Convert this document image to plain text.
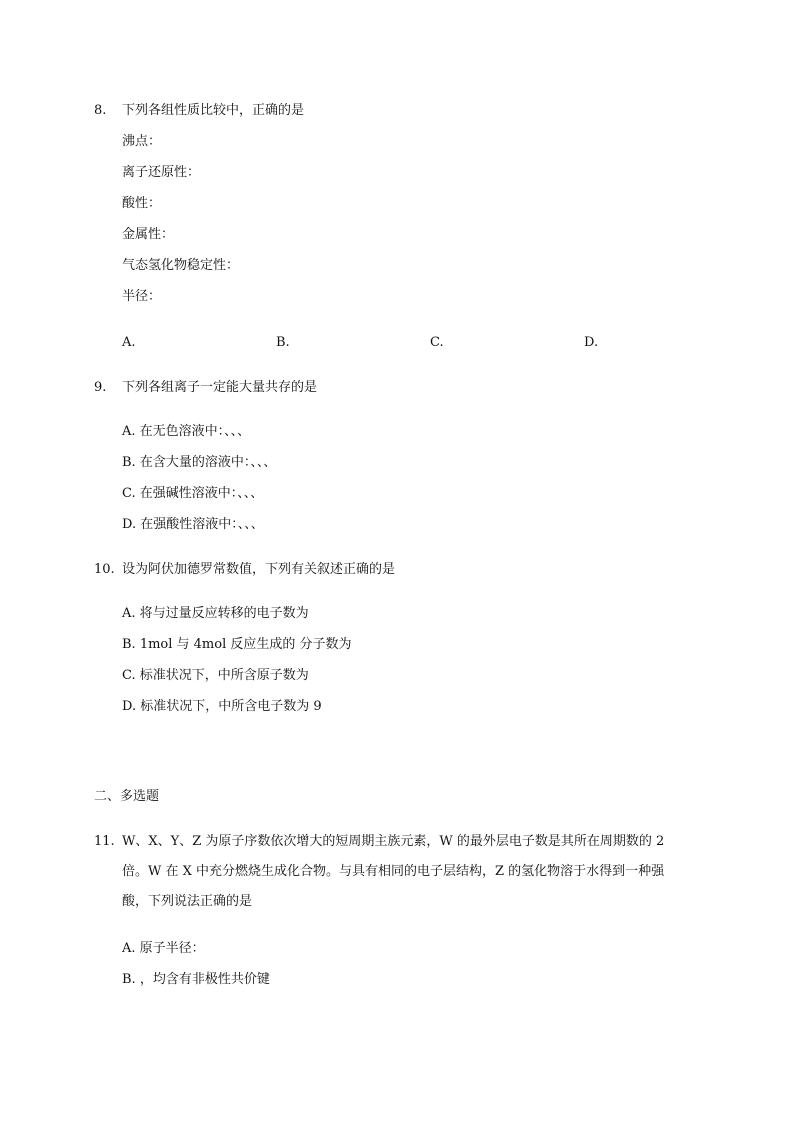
8. 下列各组性质比较中，正确的是
沸点：
离子还原性：
酸性：
金属性：
气态氢化物稳定性：
半径：
A.	B.	C.	D.
9. 下列各组离子一定能大量共存的是
A. 在无色溶液中：、、、
B. 在含大量的溶液中：、、、
C. 在强碱性溶液中：、、、
D. 在强酸性溶液中：、、、
10. 设为阿伏加德罗常数值，下列有关叙述正确的是
A. 将与过量反应转移的电子数为
B. 1mol 与 4mol 反应生成的 分子数为
C. 标准状况下，中所含原子数为
D. 标准状况下，中所含电子数为 9
二、多选题
11. W、X、Y、Z 为原子序数依次增大的短周期主族元素，W 的最外层电子数是其所在周期数的 2
倍。W 在 X 中充分燃烧生成化合物。与具有相同的电子层结构，Z 的氢化物溶于水得到一种强
酸，下列说法正确的是
A. 原子半径：
B. ，均含有非极性共价键
